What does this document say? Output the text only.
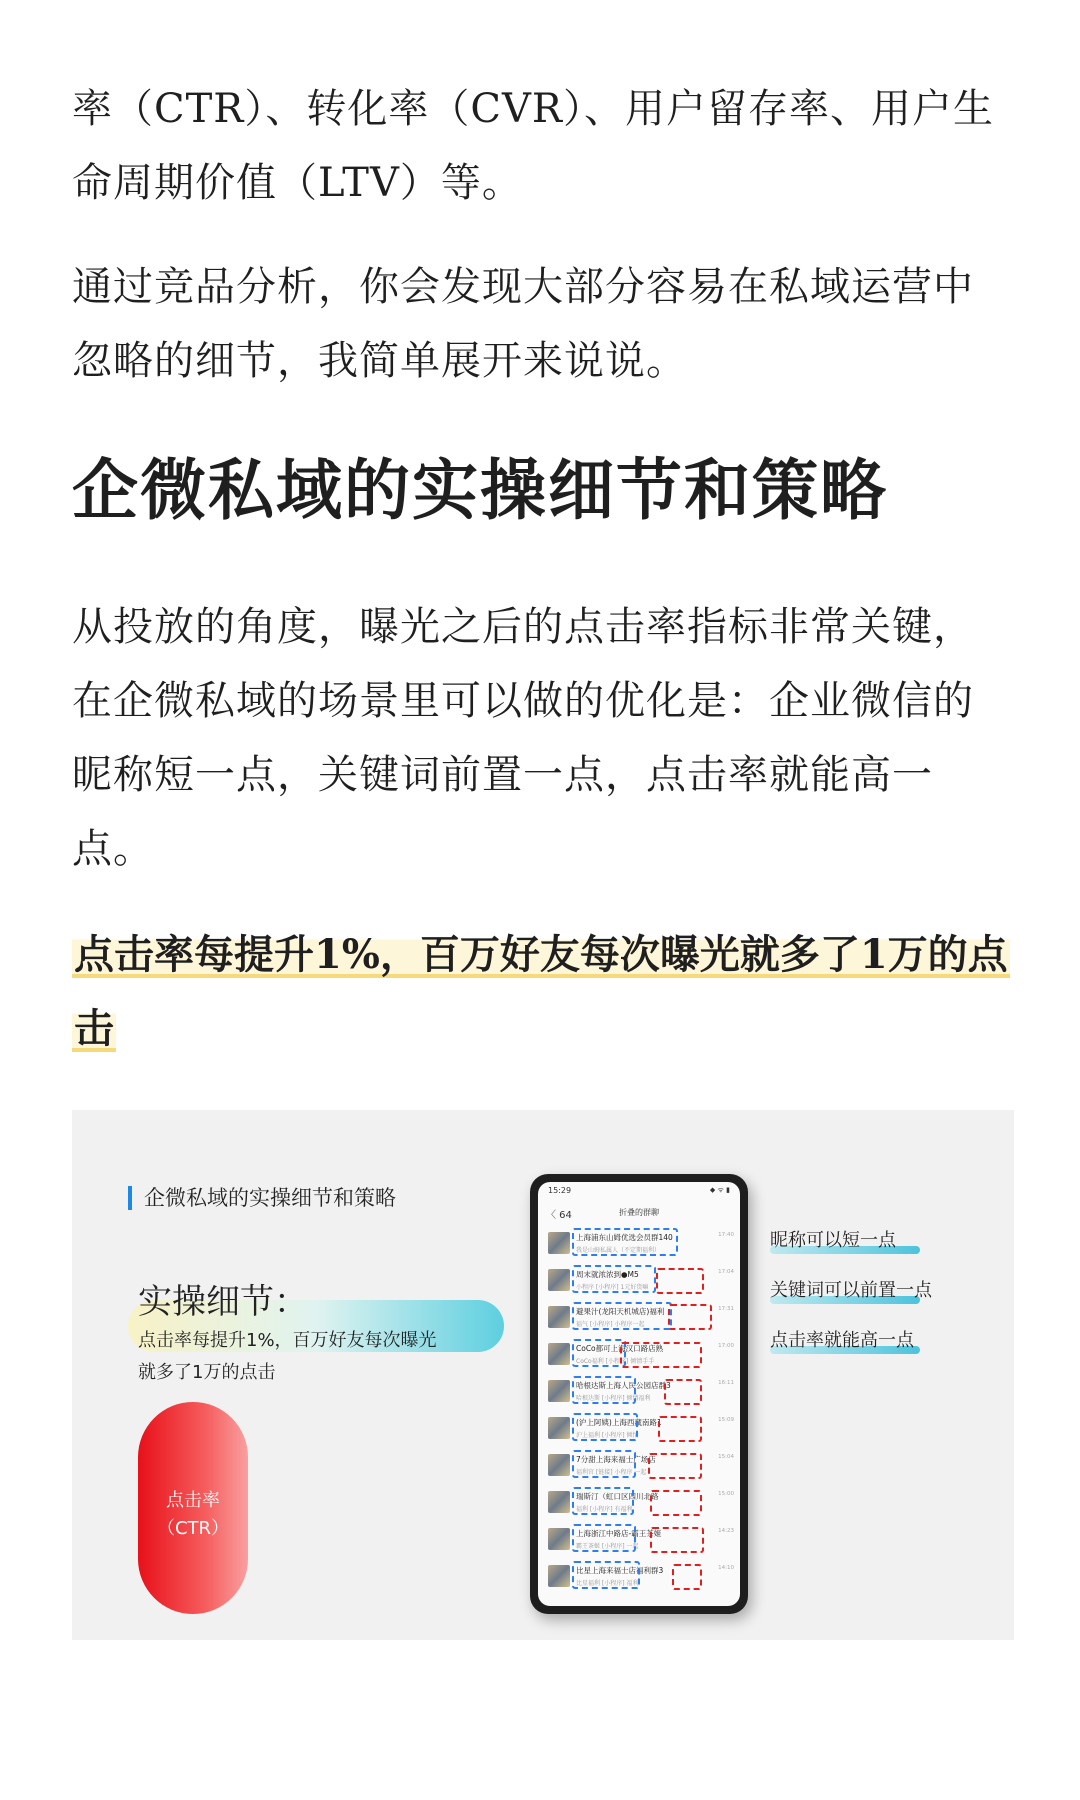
率（CTR）、转化率（CVR）、用户留存率、用户生命周期价值（LTV）等。
通过竞品分析，你会发现大部分容易在私域运营中忽略的细节，我简单展开来说说。
企微私域的实操细节和策略
从投放的角度，曝光之后的点击率指标非常关键，在企微私域的场景里可以做的优化是：企业微信的昵称短一点，关键词前置一点，点击率就能高一点。
点击率每提升1%，百万好友每次曝光就多了1万的点击
企微私域的实操细节和策略
实操细节：
点击率每提升1%，百万好友每次曝光
就多了1万的点击
点击率
（CTR）
15:29	◆ ᯤ ▮
〈 64	折叠的群聊
上海浦东山姆优选会员群140
我是山姆私属人（不定期福利）
17:40
周末就浓浓到●M5
小程序 [小程序] 1元好货嘛
17:04
避果汁(龙阳天机城店)福利
福气 [小程序] 小程序一起
17:31
CoCo都可上海汉口路店熟
CoCo福利 [小程序] 倾情手手
17:00
哈根达斯上海人民公园店群3
哈根达斯 [小程序] 倾情福利
16:11
(沪上阿姨)上海西藏南路1
沪上福利 [小程序] 倾情
15:09
7分甜上海来福士广场店
福利官 [链接] 小程序 一起
15:04
瑞斯汀（虹口区四川北路
福利 [小程序] 有福利
15:00
上海浙江中路店-霸王茶姬
霸王茶姬 [小程序] 一起
14:23
比星上海来福士店福利群3
比星福利 [小程序] 福利
14:10
昵称可以短一点
关键词可以前置一点
点击率就能高一点
